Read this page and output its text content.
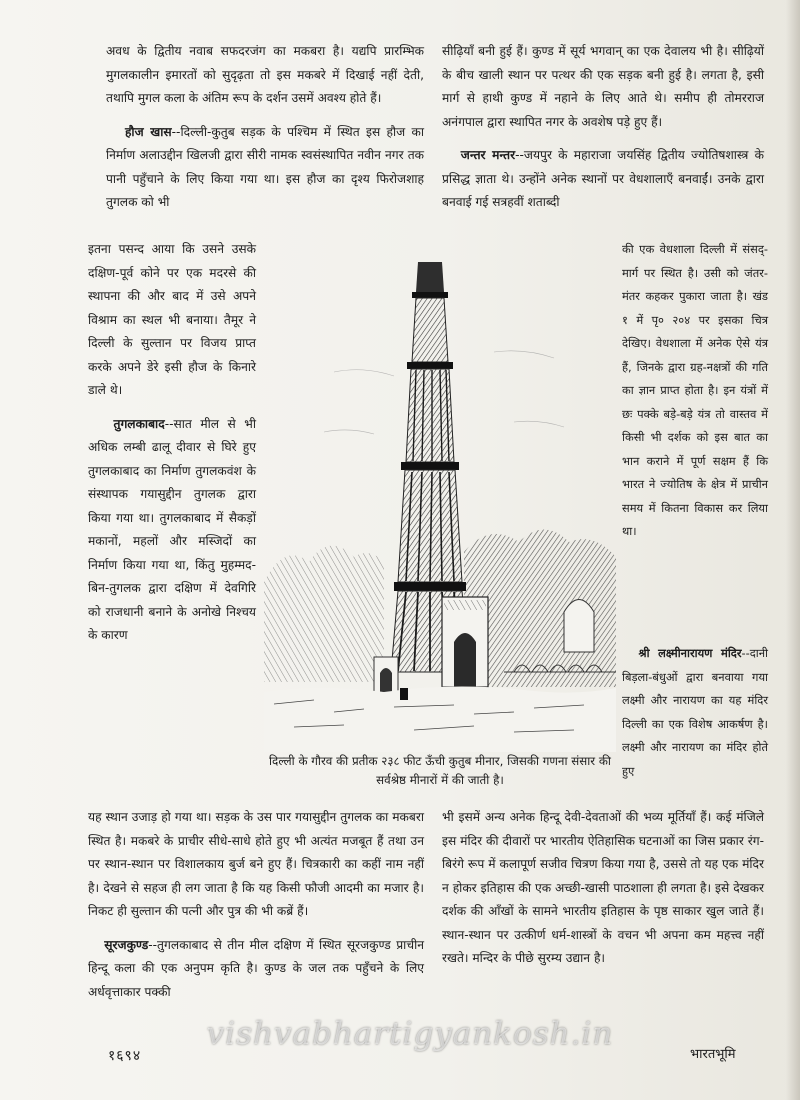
अवध के द्वितीय नवाब सफदरजंग का मकबरा है। यद्यपि प्रारम्भिक मुगलकालीन इमारतों को सुदृढ़ता तो इस मकबरे में दिखाई नहीं देती, तथापि मुगल कला के अंतिम रूप के दर्शन उसमें अवश्य होते हैं।

हौज खास--दिल्ली-कुतुब सड़क के पश्चिम में स्थित इस हौज का निर्माण अलाउद्दीन खिलजी द्वारा सीरी नामक स्वसंस्थापित नवीन नगर तक पानी पहुँचाने के लिए किया गया था। इस हौज का दृश्य फिरोजशाह तुगलक को भी

इतना पसन्द आया कि उसने उसके दक्षिण-पूर्व कोने पर एक मदरसे की स्थापना की और बाद में उसे अपने विश्राम का स्थल भी बनाया। तैमूर ने दिल्ली के सुल्तान पर विजय प्राप्त करके अपने डेरे इसी हौज के किनारे डाले थे।

तुगलकाबाद--सात मील से भी अधिक लम्बी ढालू दीवार से घिरे हुए तुगलकाबाद का निर्माण तुगलकवंश के संस्थापक गयासुद्दीन तुगलक द्वारा किया गया था। तुगलकाबाद में सैकड़ों मकानों, महलों और मस्जिदों का निर्माण किया गया था, किंतु मुहम्मद-बिन-तुगलक द्वारा दक्षिण में देवगिरि को राजधानी बनाने के अनोखे निश्चय के कारण

सीढ़ियाँ बनी हुई हैं। कुण्ड में सूर्य भगवान् का एक देवालय भी है। सीढ़ियों के बीच खाली स्थान पर पत्थर की एक सड़क बनी हुई है। लगता है, इसी मार्ग से हाथी कुण्ड में नहाने के लिए आते थे। समीप ही तोमरराज अनंगपाल द्वारा स्थापित नगर के अवशेष पड़े हुए हैं।

जन्तर मन्तर--जयपुर के महाराजा जयसिंह द्वितीय ज्योतिषशास्त्र के प्रसिद्ध ज्ञाता थे। उन्होंने अनेक स्थानों पर वेधशालाएँ बनवाईं। उनके द्वारा बनवाई गई सत्रहवीं शताब्दी

की एक वेधशाला दिल्ली में संसद्-मार्ग पर स्थित है। उसी को जंतर-मंतर कहकर पुकारा जाता है। खंड १ में पृ० २०४ पर इसका चित्र देखिए। वेधशाला में अनेक ऐसे यंत्र हैं, जिनके द्वारा ग्रह-नक्षत्रों की गति का ज्ञान प्राप्त होता है। इन यंत्रों में छः पक्के बड़े-बड़े यंत्र तो वास्तव में किसी भी दर्शक को इस बात का भान कराने में पूर्ण सक्षम हैं कि भारत ने ज्योतिष के क्षेत्र में प्राचीन समय में कितना विकास कर लिया था।

श्री लक्ष्मीनारायण मंदिर--दानी बिड़ला-बंधुओं द्वारा बनवाया गया लक्ष्मी और नारायण का यह मंदिर दिल्ली का एक विशेष आकर्षण है। लक्ष्मी और नारायण का मंदिर होते हुए

दिल्ली के गौरव की प्रतीक २३८ फीट ऊँची कुतुब मीनार, जिसकी गणना संसार की सर्वश्रेष्ठ मीनारों में की जाती है।

यह स्थान उजाड़ हो गया था। सड़क के उस पार गयासुद्दीन तुगलक का मकबरा स्थित है। मकबरे के प्राचीर सीधे-साधे होते हुए भी अत्यंत मजबूत हैं तथा उन पर स्थान-स्थान पर विशालकाय बुर्ज बने हुए हैं। चित्रकारी का कहीं नाम नहीं है। देखने से सहज ही लग जाता है कि यह किसी फौजी आदमी का मजार है। निकट ही सुल्तान की पत्नी और पुत्र की भी कब्रें हैं।

सूरजकुण्ड--तुगलकाबाद से तीन मील दक्षिण में स्थित सूरजकुण्ड प्राचीन हिन्दू कला की एक अनुपम कृति है। कुण्ड के जल तक पहुँचने के लिए अर्धवृत्ताकार पक्की

भी इसमें अन्य अनेक हिन्दू देवी-देवताओं की भव्य मूर्तियाँ हैं। कई मंजिले इस मंदिर की दीवारों पर भारतीय ऐतिहासिक घटनाओं का जिस प्रकार रंग-बिरंगे रूप में कलापूर्ण सजीव चित्रण किया गया है, उससे तो यह एक मंदिर न होकर इतिहास की एक अच्छी-खासी पाठशाला ही लगता है। इसे देखकर दर्शक की आँखों के सामने भारतीय इतिहास के पृष्ठ साकार खुल जाते हैं। स्थान-स्थान पर उत्कीर्ण धर्म-शास्त्रों के वचन भी अपना कम महत्त्व नहीं रखते। मन्दिर के पीछे सुरम्य उद्यान है।

१६९४
vishvabhartigyankosh.in
भारतभूमि
